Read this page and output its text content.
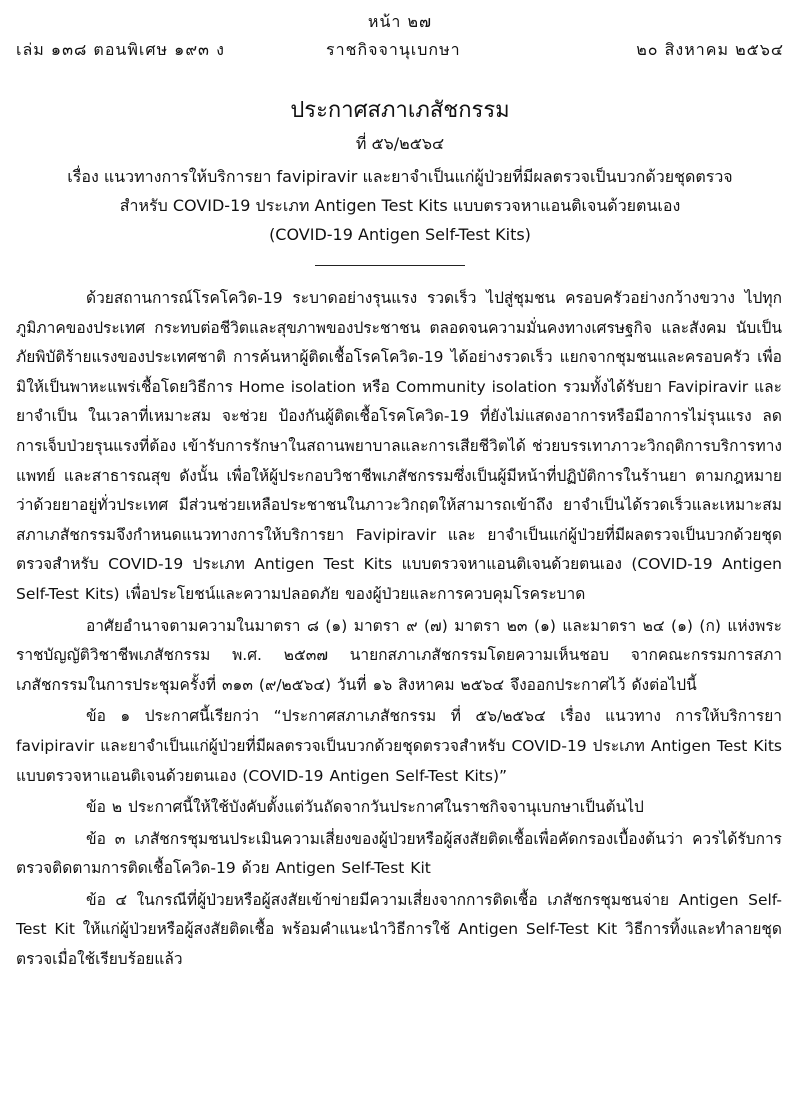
หน้า ๒๗
เล่ม ๑๓๘ ตอนพิเศษ ๑๙๓ ง	ราชกิจจานุเบกษา	๒๐ สิงหาคม ๒๕๖๔
ประกาศสภาเภสัชกรรม
ที่ ๕๖/๒๕๖๔
เรื่อง แนวทางการให้บริการยา favipiravir และยาจำเป็นแก่ผู้ป่วยที่มีผลตรวจเป็นบวกด้วยชุดตรวจ
สำหรับ COVID-19 ประเภท Antigen Test Kits แบบตรวจหาแอนติเจนด้วยตนเอง
(COVID-19 Antigen Self-Test Kits)

ด้วยสถานการณ์โรคโควิด-19 ระบาดอย่างรุนแรง รวดเร็ว ไปสู่ชุมชน ครอบครัวอย่างกว้างขวาง ไปทุกภูมิภาคของประเทศ กระทบต่อชีวิตและสุขภาพของประชาชน ตลอดจนความมั่นคงทางเศรษฐกิจ และสังคม นับเป็นภัยพิบัติร้ายแรงของประเทศชาติ การค้นหาผู้ติดเชื้อโรคโควิด-19 ได้อย่างรวดเร็ว แยกจากชุมชนและครอบครัว เพื่อมิให้เป็นพาหะแพร่เชื้อโดยวิธีการ Home isolation หรือ Community isolation รวมทั้งได้รับยา Favipiravir และยาจำเป็น ในเวลาที่เหมาะสม จะช่วย ป้องกันผู้ติดเชื้อโรคโควิด-19 ที่ยังไม่แสดงอาการหรือมีอาการไม่รุนแรง ลดการเจ็บป่วยรุนแรงที่ต้อง เข้ารับการรักษาในสถานพยาบาลและการเสียชีวิตได้ ช่วยบรรเทาภาวะวิกฤติการบริการทางแพทย์ และสาธารณสุข ดังนั้น เพื่อให้ผู้ประกอบวิชาชีพเภสัชกรรมซึ่งเป็นผู้มีหน้าที่ปฏิบัติการในร้านยา ตามกฎหมายว่าด้วยยาอยู่ทั่วประเทศ มีส่วนช่วยเหลือประชาชนในภาวะวิกฤตให้สามารถเข้าถึง ยาจำเป็นได้รวดเร็วและเหมาะสม สภาเภสัชกรรมจึงกำหนดแนวทางการให้บริการยา Favipiravir และ ยาจำเป็นแก่ผู้ป่วยที่มีผลตรวจเป็นบวกด้วยชุดตรวจสำหรับ COVID-19 ประเภท Antigen Test Kits แบบตรวจหาแอนติเจนด้วยตนเอง (COVID-19 Antigen Self-Test Kits) เพื่อประโยชน์และความปลอดภัย ของผู้ป่วยและการควบคุมโรคระบาด

อาศัยอำนาจตามความในมาตรา ๘ (๑) มาตรา ๙ (๗) มาตรา ๒๓ (๑) และมาตรา ๒๔ (๑) (ก) แห่งพระราชบัญญัติวิชาชีพเภสัชกรรม พ.ศ. ๒๕๓๗ นายกสภาเภสัชกรรมโดยความเห็นชอบ จากคณะกรรมการสภาเภสัชกรรมในการประชุมครั้งที่ ๓๑๓ (๙/๒๕๖๔) วันที่ ๑๖ สิงหาคม ๒๕๖๔ จึงออกประกาศไว้ ดังต่อไปนี้

ข้อ ๑ ประกาศนี้เรียกว่า “ประกาศสภาเภสัชกรรม ที่ ๕๖/๒๕๖๔ เรื่อง แนวทาง การให้บริการยา favipiravir และยาจำเป็นแก่ผู้ป่วยที่มีผลตรวจเป็นบวกด้วยชุดตรวจสำหรับ COVID-19 ประเภท Antigen Test Kits แบบตรวจหาแอนติเจนด้วยตนเอง (COVID-19 Antigen Self-Test Kits)”

ข้อ ๒ ประกาศนี้ให้ใช้บังคับตั้งแต่วันถัดจากวันประกาศในราชกิจจานุเบกษาเป็นต้นไป

ข้อ ๓ เภสัชกรชุมชนประเมินความเสี่ยงของผู้ป่วยหรือผู้สงสัยติดเชื้อเพื่อคัดกรองเบื้องต้นว่า ควรได้รับการตรวจติดตามการติดเชื้อโควิด-19 ด้วย Antigen Self-Test Kit

ข้อ ๔ ในกรณีที่ผู้ป่วยหรือผู้สงสัยเข้าข่ายมีความเสี่ยงจากการติดเชื้อ เภสัชกรชุมชนจ่าย Antigen Self-Test Kit ให้แก่ผู้ป่วยหรือผู้สงสัยติดเชื้อ พร้อมคำแนะนำวิธีการใช้ Antigen Self-Test Kit วิธีการทิ้งและทำลายชุดตรวจเมื่อใช้เรียบร้อยแล้ว
